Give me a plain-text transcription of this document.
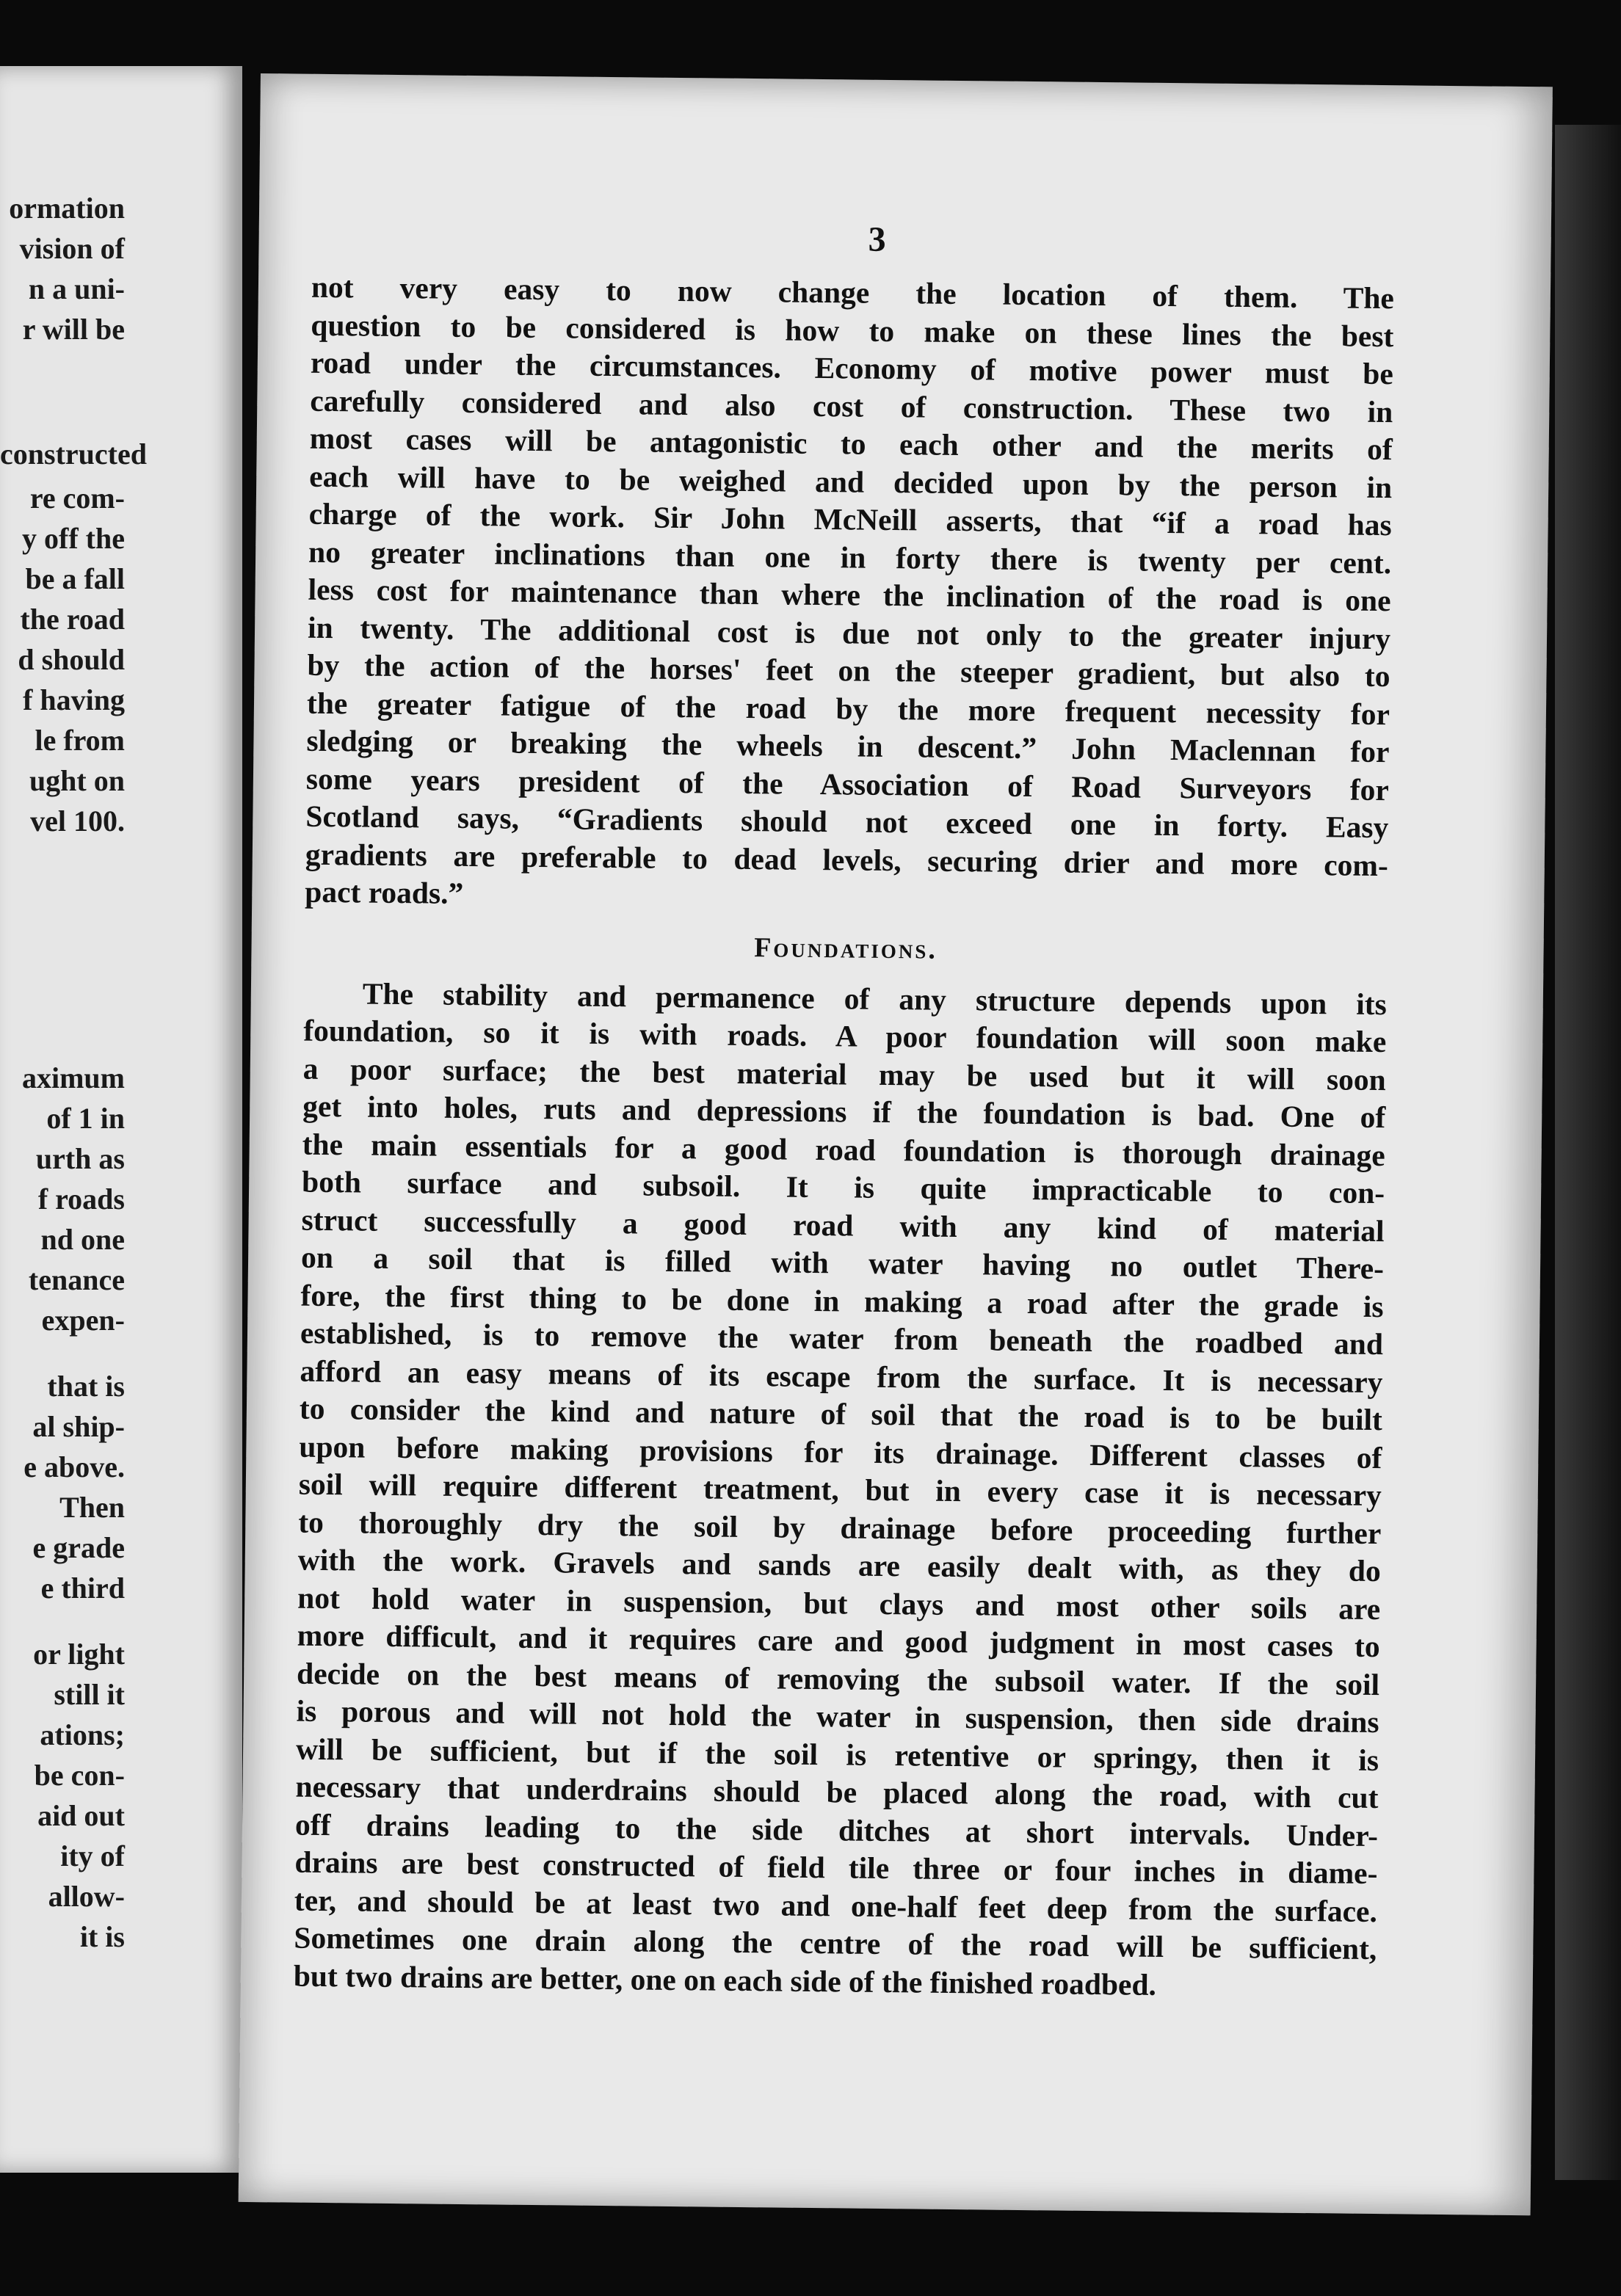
ormation
vision of
n a uni-
r will be
constructed
re com-
y off the
be a fall
the road
d should
f having
le from
ught on
vel 100.
aximum
of 1 in
urth as
f roads
nd one
tenance
expen-
that is
al ship-
e above.
Then
e grade
e third
or light
still it
ations;
be con-
aid out
ity of
allow-
it is
3
not very easy to now change the location of them. The
question to be considered is how to make on these lines the best
road under the circumstances. Economy of motive power must be
carefully considered and also cost of construction. These two in
most cases will be antagonistic to each other and the merits of
each will have to be weighed and decided upon by the person in
charge of the work. Sir John McNeill asserts, that “if a road has
no greater inclinations than one in forty there is twenty per cent.
less cost for maintenance than where the inclination of the road is one
in twenty. The additional cost is due not only to the greater injury
by the action of the horses' feet on the steeper gradient, but also to
the greater fatigue of the road by the more frequent necessity for
sledging or breaking the wheels in descent.” John Maclennan for
some years president of the Association of Road Surveyors for
Scotland says, “Gradients should not exceed one in forty. Easy
gradients are preferable to dead levels, securing drier and more com-
pact roads.”
Foundations.
The stability and permanence of any structure depends upon its
foundation, so it is with roads. A poor foundation will soon make
a poor surface; the best material may be used but it will soon
get into holes, ruts and depressions if the foundation is bad. One of
the main essentials for a good road foundation is thorough drainage
both surface and subsoil. It is quite impracticable to con-
struct successfully a good road with any kind of material
on a soil that is filled with water having no outlet There-
fore, the first thing to be done in making a road after the grade is
established, is to remove the water from beneath the roadbed and
afford an easy means of its escape from the surface. It is necessary
to consider the kind and nature of soil that the road is to be built
upon before making provisions for its drainage. Different classes of
soil will require different treatment, but in every case it is necessary
to thoroughly dry the soil by drainage before proceeding further
with the work. Gravels and sands are easily dealt with, as they do
not hold water in suspension, but clays and most other soils are
more difficult, and it requires care and good judgment in most cases to
decide on the best means of removing the subsoil water. If the soil
is porous and will not hold the water in suspension, then side drains
will be sufficient, but if the soil is retentive or springy, then it is
necessary that underdrains should be placed along the road, with cut
off drains leading to the side ditches at short intervals. Under-
drains are best constructed of field tile three or four inches in diame-
ter, and should be at least two and one-half feet deep from the surface.
Sometimes one drain along the centre of the road will be sufficient,
but two drains are better, one on each side of the finished roadbed.
